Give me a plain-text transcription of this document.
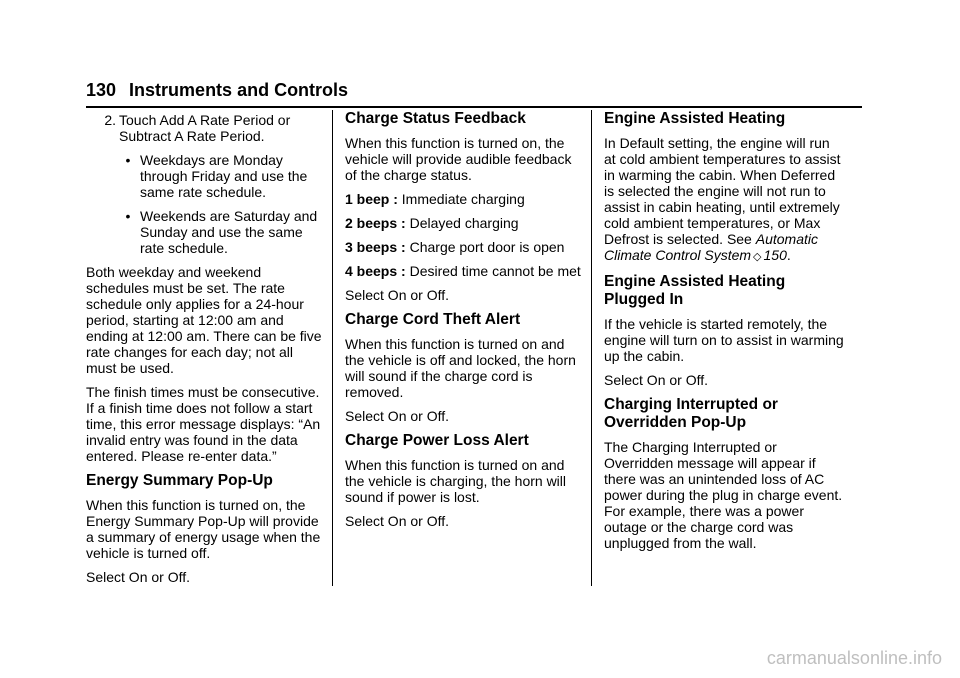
130 Instruments and Controls
2. Touch Add A Rate Period or Subtract A Rate Period.
• Weekdays are Monday through Friday and use the same rate schedule.
• Weekends are Saturday and Sunday and use the same rate schedule.

Both weekday and weekend schedules must be set. The rate schedule only applies for a 24-hour period, starting at 12:00 am and ending at 12:00 am. There can be five rate changes for each day; not all must be used.

The finish times must be consecutive. If a finish time does not follow a start time, this error message displays: “An invalid entry was found in the data entered. Please re-enter data.”

Energy Summary Pop-Up

When this function is turned on, the Energy Summary Pop-Up will provide a summary of energy usage when the vehicle is turned off.

Select On or Off.

Charge Status Feedback

When this function is turned on, the vehicle will provide audible feedback of the charge status.

1 beep : Immediate charging
2 beeps : Delayed charging
3 beeps : Charge port door is open
4 beeps : Desired time cannot be met

Select On or Off.

Charge Cord Theft Alert

When this function is turned on and the vehicle is off and locked, the horn will sound if the charge cord is removed.

Select On or Off.

Charge Power Loss Alert

When this function is turned on and the vehicle is charging, the horn will sound if power is lost.

Select On or Off.

Engine Assisted Heating

In Default setting, the engine will run at cold ambient temperatures to assist in warming the cabin. When Deferred is selected the engine will not run to assist in cabin heating, until extremely cold ambient temperatures, or Max Defrost is selected. See Automatic Climate Control System ◇ 150.

Engine Assisted Heating Plugged In

If the vehicle is started remotely, the engine will turn on to assist in warming up the cabin.

Select On or Off.

Charging Interrupted or Overridden Pop-Up

The Charging Interrupted or Overridden message will appear if there was an unintended loss of AC power during the plug in charge event. For example, there was a power outage or the charge cord was unplugged from the wall.

carmanualsonline.info
